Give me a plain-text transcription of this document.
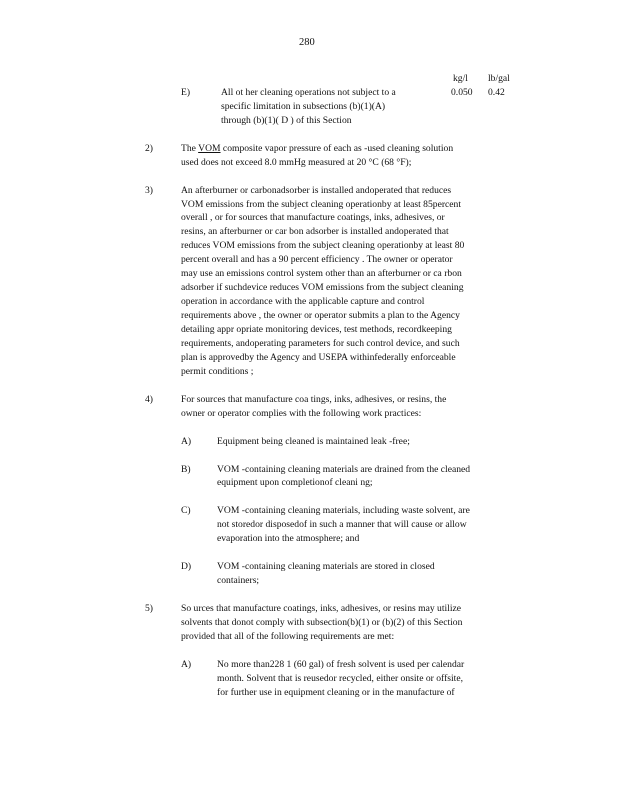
280
kg/l lb/gal
E)	All ot her cleaning operations not subject to a
specific limitation in subsections (b)(1)(A)
through (b)(1)( D ) of this Section
0.050 0.42
2)	The VOM composite vapor pressure of each as -used cleaning solution
used does not exceed 8.0 mmHg measured at 20 °C (68 °F);
3)	An afterburner or carbonadsorber is installed andoperated that reduces
VOM emissions from the subject cleaning operationby at least 85percent
overall , or for sources that manufacture coatings, inks, adhesives, or
resins, an afterburner or car bon adsorber is installed andoperated that
reduces VOM emissions from the subject cleaning operationby at least 80
percent overall and has a 90 percent efficiency . The owner or operator
may use an emissions control system other than an afterburner or ca rbon
adsorber if suchdevice reduces VOM emissions from the subject cleaning
operation in accordance with the applicable capture and control
requirements above , the owner or operator submits a plan to the Agency
detailing appr opriate monitoring devices, test methods, recordkeeping
requirements, andoperating parameters for such control device, and such
plan is approvedby the Agency and USEPA withinfederally enforceable
permit conditions ;
4)	For sources that manufacture coa tings, inks, adhesives, or resins, the
owner or operator complies with the following work practices:
A)	Equipment being cleaned is maintained leak -free;
B)	VOM -containing cleaning materials are drained from the cleaned
equipment upon completionof cleani ng;
C)	VOM -containing cleaning materials, including waste solvent, are
not storedor disposedof in such a manner that will cause or allow
evaporation into the atmosphere; and
D)	VOM -containing cleaning materials are stored in closed
containers;
5)	So urces that manufacture coatings, inks, adhesives, or resins may utilize
solvents that donot comply with subsection(b)(1) or (b)(2) of this Section
provided that all of the following requirements are met:
A)	No more than228 1 (60 gal) of fresh solvent is used per calendar
month. Solvent that is reusedor recycled, either onsite or offsite,
for further use in equipment cleaning or in the manufacture of
